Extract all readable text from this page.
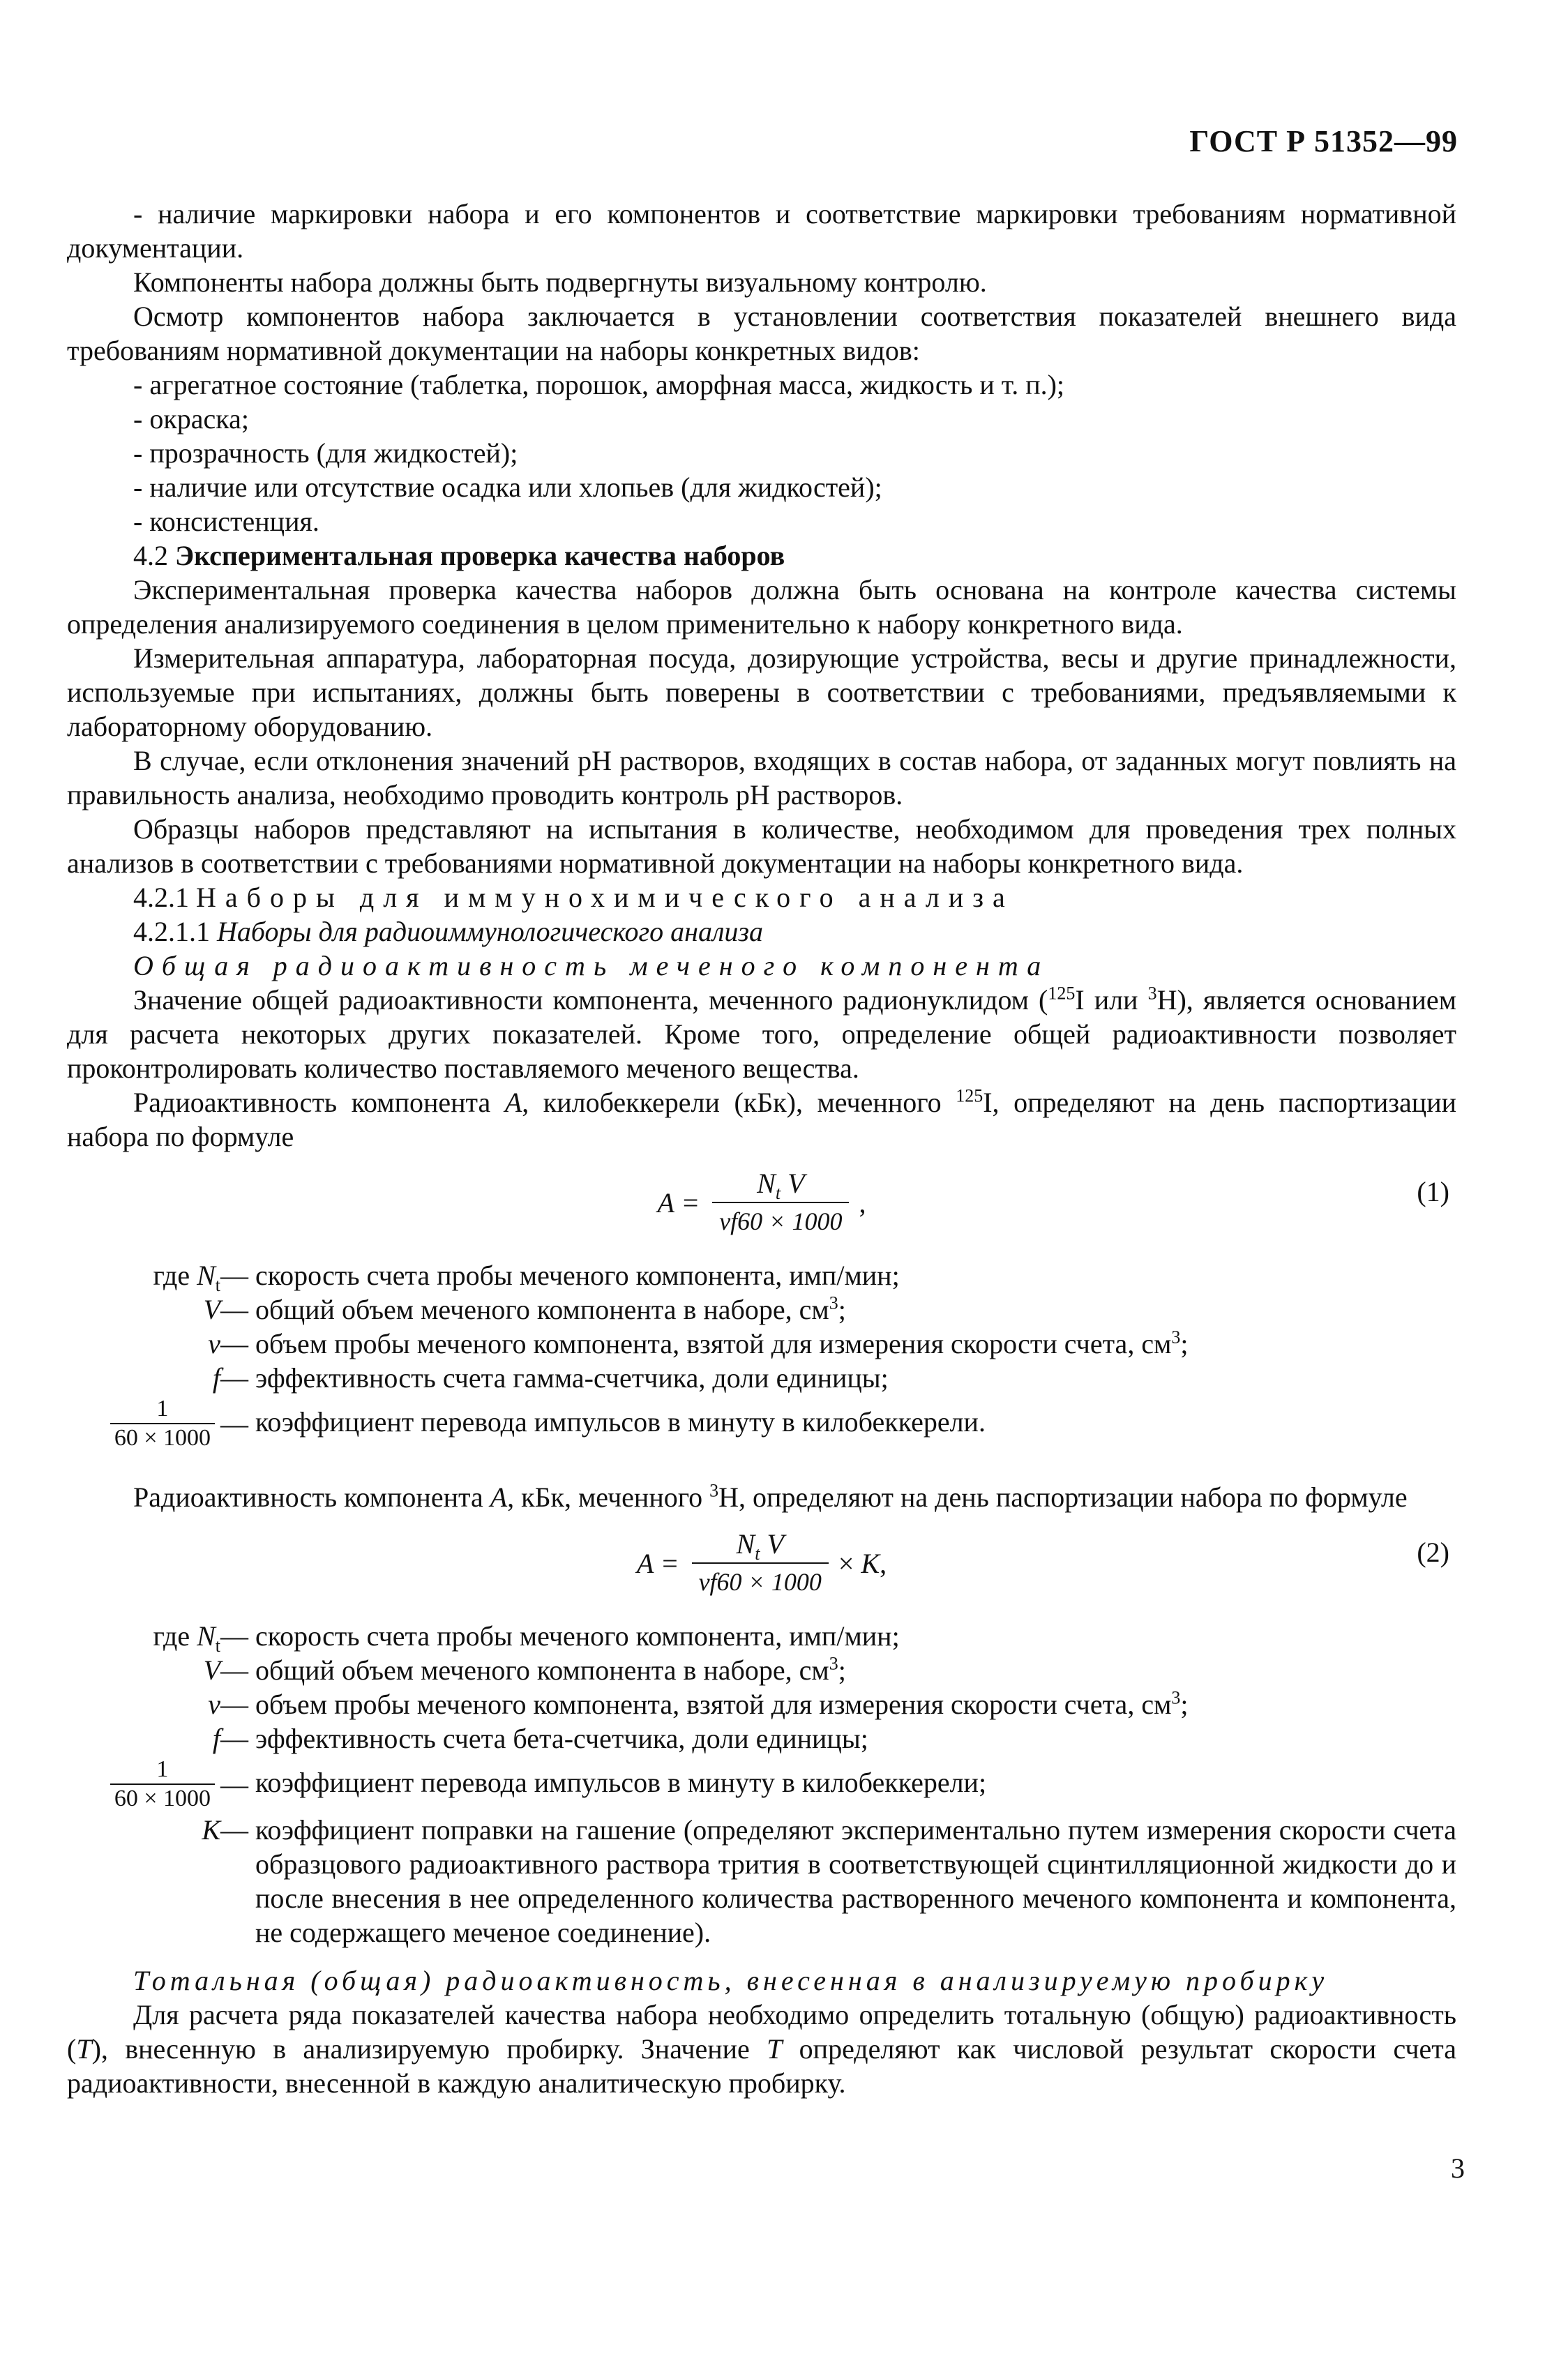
ГОСТ Р 51352—99

- наличие маркировки набора и его компонентов и соответствие маркировки требованиям нормативной документации.

Компоненты набора должны быть подвергнуты визуальному контролю.

Осмотр компонентов набора заключается в установлении соответствия показателей внешнего вида требованиям нормативной документации на наборы конкретных видов:

- агрегатное состояние (таблетка, порошок, аморфная масса, жидкость и т. п.);

- окраска;

- прозрачность (для жидкостей);

- наличие или отсутствие осадка или хлопьев (для жидкостей);

- консистенция.

4.2 Экспериментальная проверка качества наборов

Экспериментальная проверка качества наборов должна быть основана на контроле качества системы определения анализируемого соединения в целом применительно к набору конкретного вида.

Измерительная аппаратура, лабораторная посуда, дозирующие устройства, весы и другие принадлежности, используемые при испытаниях, должны быть поверены в соответствии с требованиями, предъявляемыми к лабораторному оборудованию.

В случае, если отклонения значений рН растворов, входящих в состав набора, от заданных могут повлиять на правильность анализа, необходимо проводить контроль рН растворов.

Образцы наборов представляют на испытания в количестве, необходимом для проведения трех полных анализов в соответствии с требованиями нормативной документации на наборы конкретного вида.

4.2.1 Наборы для иммунохимического анализа

4.2.1.1 Наборы для радиоиммунологического анализа

Общая радиоактивность меченого компонента

Значение общей радиоактивности компонента, меченного радионуклидом ($^{125}$I или $^3$Н), является основанием для расчета некоторых других показателей. Кроме того, определение общей радиоактивности позволяет проконтролировать количество поставляемого меченого вещества.

Радиоактивность компонента A, килобеккерели (кБк), меченного $^{125}$I, определяют на день паспортизации набора по формуле

$A = \frac{N_t V}{vf60 \times 1000}$ ,	(1)
где $N_t—$ скорость счета пробы меченого компонента, имп/мин;
V— общий объем меченого компонента в наборе, $см^3$;
v— объем пробы меченого компонента, взятой для измерения скорости счета, $см^3$;
f— эффективность счета гамма-счетчика, доли единицы;
$\frac{1}{60 \times 1000}$ — коэффициент перевода импульсов в минуту в килобеккерели.

Радиоактивность компонента A, кБк, меченного $^3$Н, определяют на день паспортизации набора по формуле

$A = \frac{N_t V}{vf60 \times 1000} \times K$,	(2)
где $N_t—$ скорость счета пробы меченого компонента, имп/мин;
V— общий объем меченого компонента в наборе, $см^3$;
v— объем пробы меченого компонента, взятой для измерения скорости счета, $см^3$;
f— эффективность счета бета-счетчика, доли единицы;
$\frac{1}{60 \times 1000}$ — коэффициент перевода импульсов в минуту в килобеккерели;
K— коэффициент поправки на гашение (определяют экспериментально путем измерения скорости счета образцового радиоактивного раствора трития в соответствующей сцинтилляционной жидкости до и после внесения в нее определенного количества растворенного меченого компонента и компонента, не содержащего меченое соединение).

Тотальная (общая) радиоактивность, внесенная в анализируемую пробирку

Для расчета ряда показателей качества набора необходимо определить тотальную (общую) радиоактивность (Т), внесенную в анализируемую пробирку. Значение Т определяют как числовой результат скорости счета радиоактивности, внесенной в каждую аналитическую пробирку.

3
